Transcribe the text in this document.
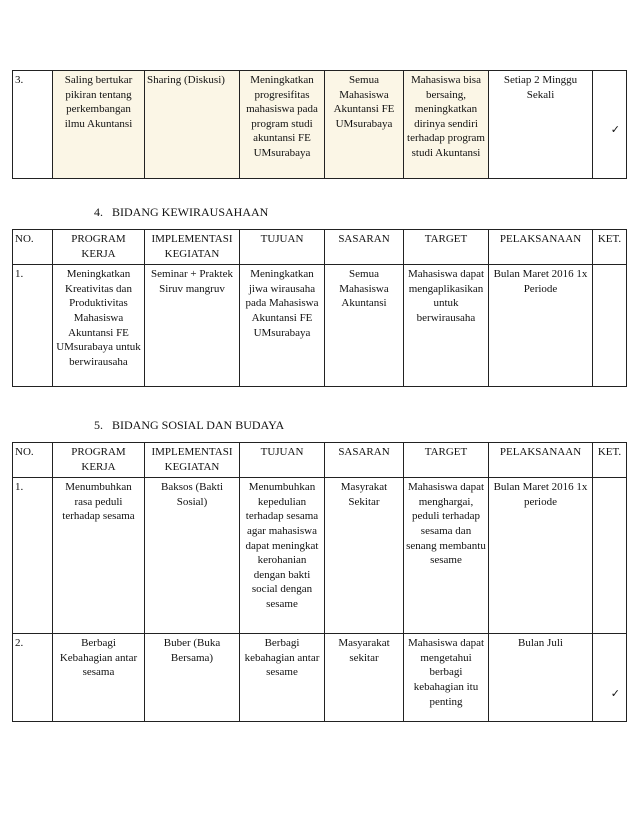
3.	Saling bertukar pikiran tentang perkembangan ilmu Akuntansi	Sharing (Diskusi)	Meningkatkan progresifitas mahasiswa pada program studi akuntansi FE UMsurabaya	Semua Mahasiswa Akuntansi FE UMsurabaya	Mahasiswa bisa bersaing, meningkatkan dirinya sendiri terhadap program studi Akuntansi	Setiap 2 Minggu Sekali	✓
4.   BIDANG KEWIRAUSAHAAN
NO.	PROGRAM KERJA	IMPLEMENTASI KEGIATAN	TUJUAN	SASARAN	TARGET	PELAKSANAAN	KET.
1.	Meningkatkan Kreativitas dan Produktivitas Mahasiswa Akuntansi FE UMsurabaya untuk berwirausaha	Seminar + Praktek Siruv mangruv	Meningkatkan jiwa wirausaha pada Mahasiswa Akuntansi FE UMsurabaya	Semua Mahasiswa Akuntansi	Mahasiswa dapat mengaplikasikan untuk berwirausaha	Bulan Maret 2016 1x Periode	
5.   BIDANG SOSIAL DAN BUDAYA
NO.	PROGRAM KERJA	IMPLEMENTASI KEGIATAN	TUJUAN	SASARAN	TARGET	PELAKSANAAN	KET.
1.	Menumbuhkan rasa peduli terhadap sesama	Baksos (Bakti Sosial)	Menumbuhkan kepedulian terhadap sesama agar mahasiswa dapat meningkat kerohanian dengan bakti social dengan sesame	Masyrakat Sekitar	Mahasiswa dapat menghargai, peduli terhadap sesama dan senang membantu sesame	Bulan Maret 2016 1x periode	
2.	Berbagi Kebahagian antar sesama	Buber (Buka Bersama)	Berbagi kebahagian antar sesame	Masyarakat sekitar	Mahasiswa dapat mengetahui berbagi kebahagian itu penting	Bulan Juli	✓
